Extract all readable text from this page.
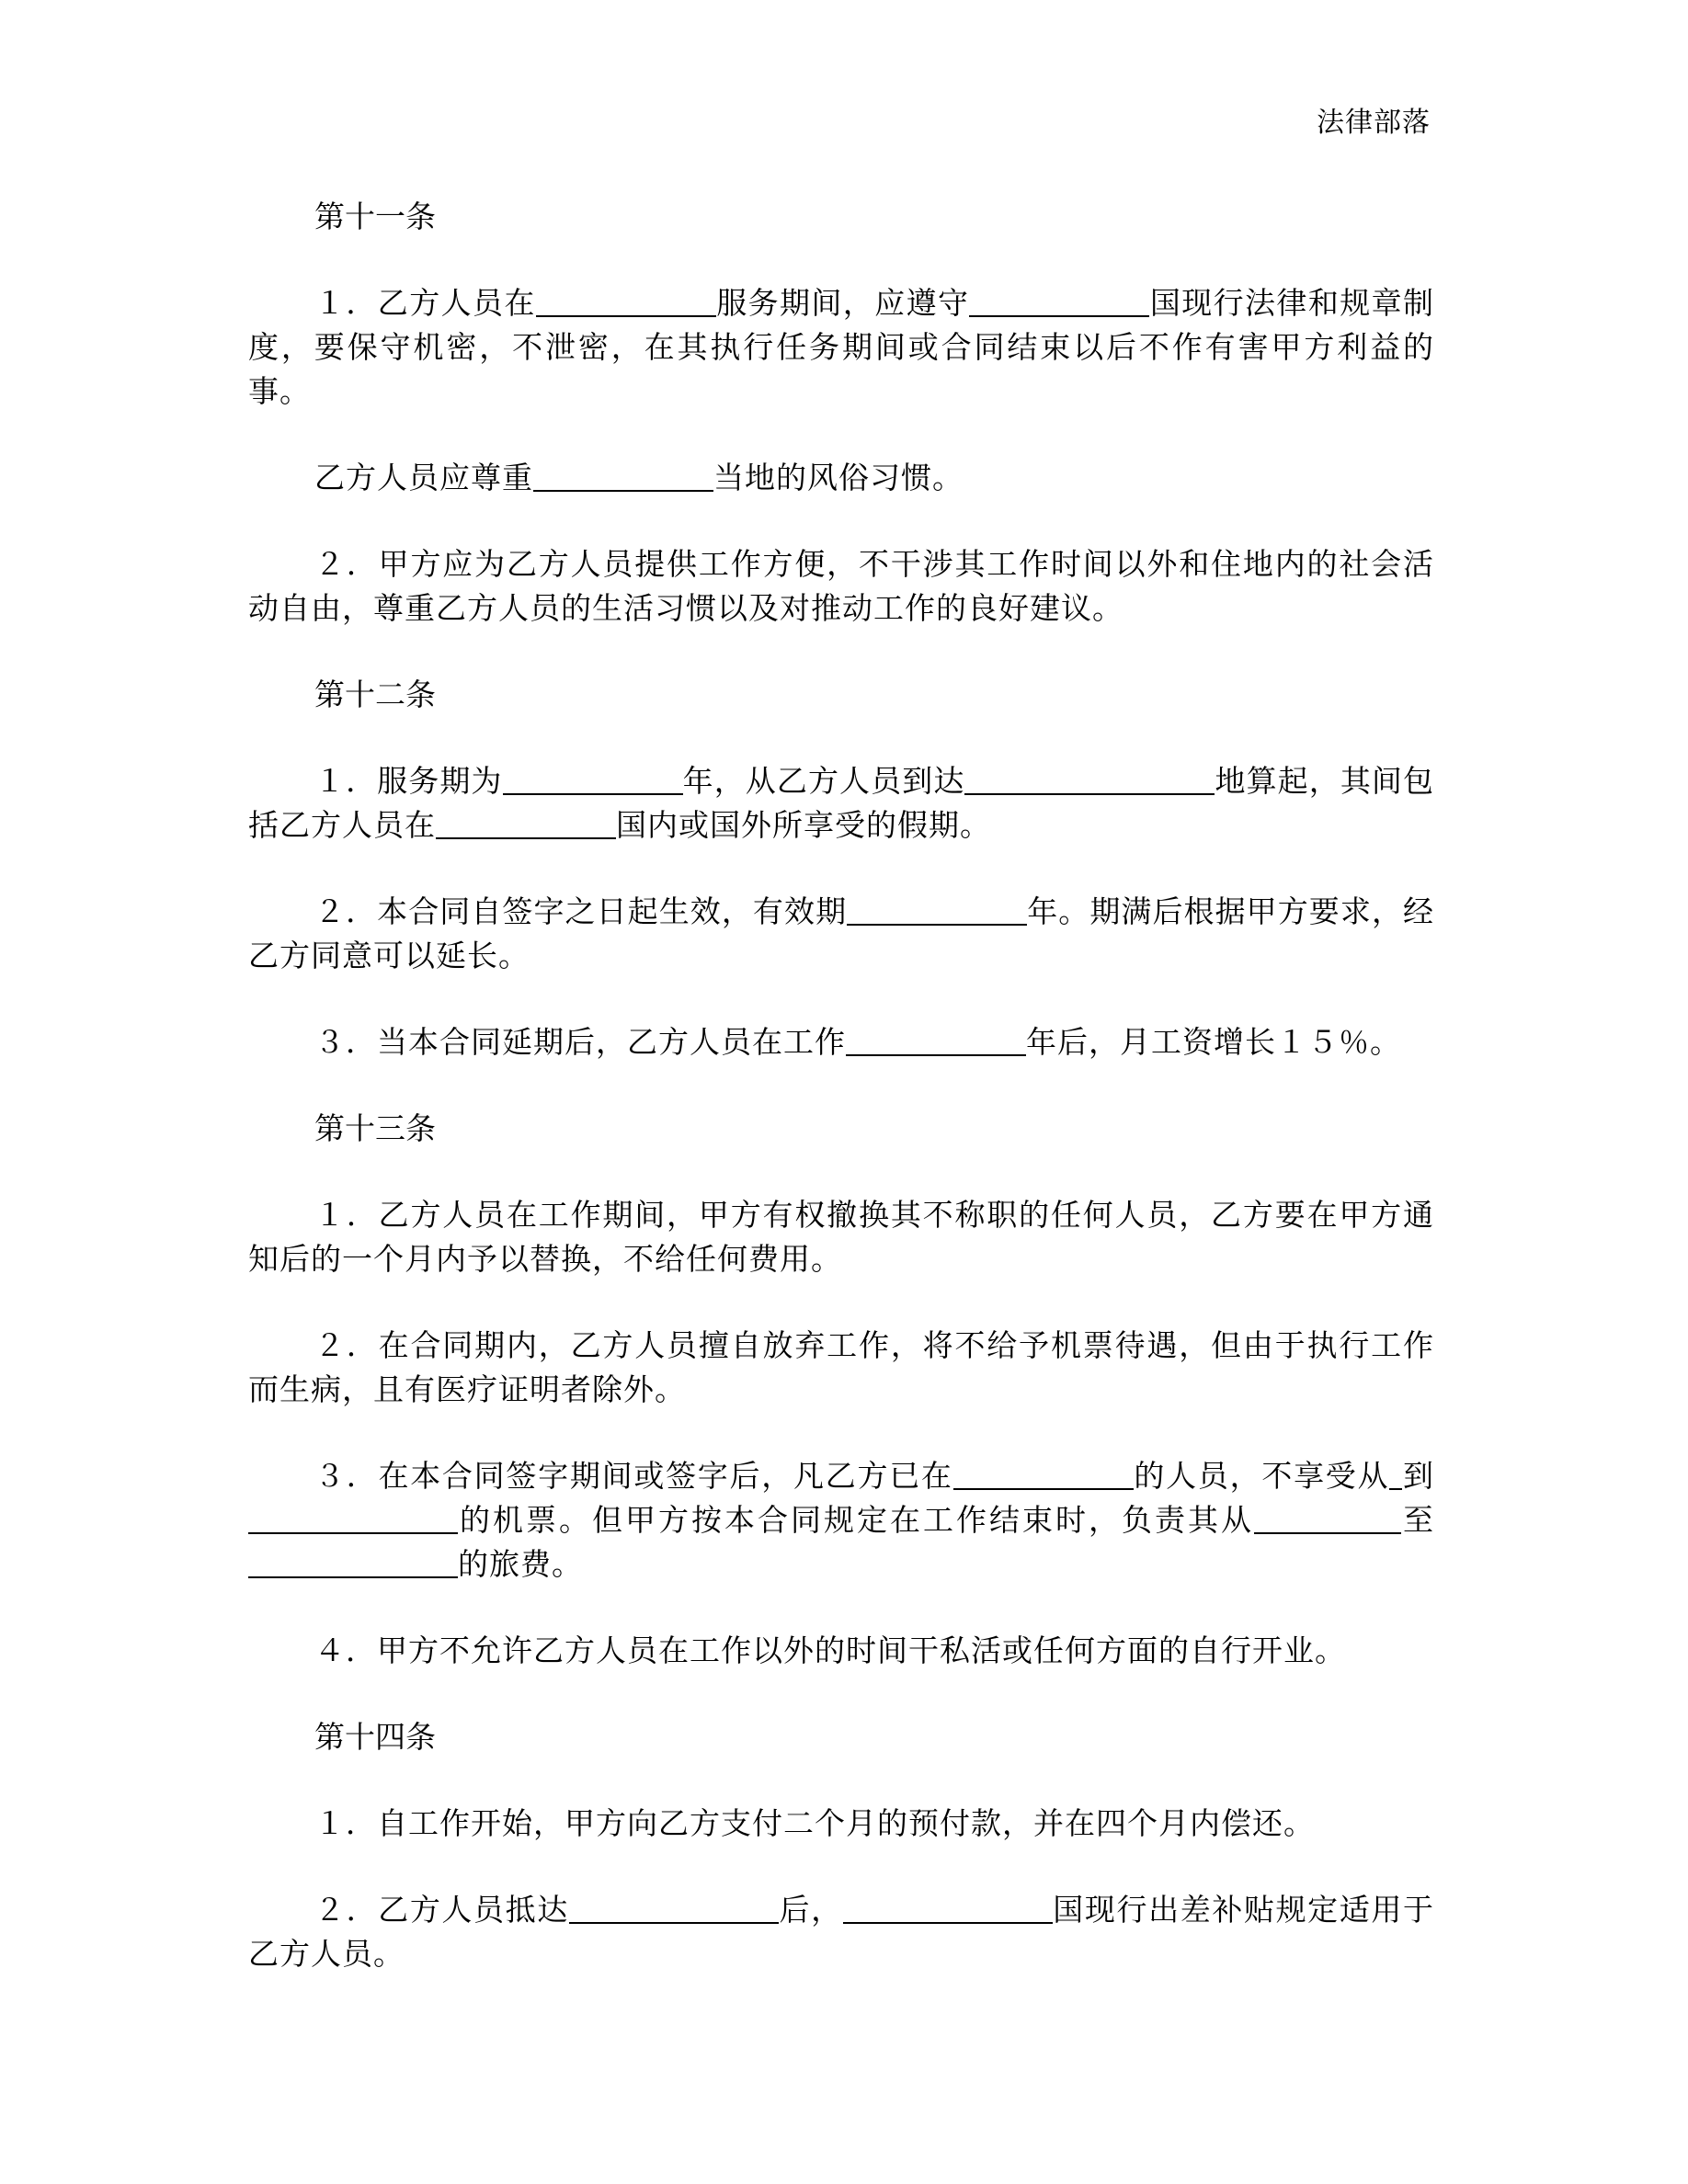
法律部落
第十一条

１．乙方人员在	服务期间，应遵守	国现行法律和规章制度，要保守机密，不泄密，在其执行任务期间或合同结束以后不作有害甲方利益的事。

乙方人员应尊重	当地的风俗习惯。

２．甲方应为乙方人员提供工作方便，不干涉其工作时间以外和住地内的社会活动自由，尊重乙方人员的生活习惯以及对推动工作的良好建议。

第十二条

１．服务期为	年，从乙方人员到达	地算起，其间包括乙方人员在	国内或国外所享受的假期。

２．本合同自签字之日起生效，有效期	年。期满后根据甲方要求，经乙方同意可以延长。

３．当本合同延期后，乙方人员在工作	年后，月工资增长１５％。

第十三条

１．乙方人员在工作期间，甲方有权撤换其不称职的任何人员，乙方要在甲方通知后的一个月内予以替换，不给任何费用。

２．在合同期内，乙方人员擅自放弃工作，将不给予机票待遇，但由于执行工作而生病，且有医疗证明者除外。

３．在本合同签字期间或签字后，凡乙方已在	的人员，不享受从 到的机票。但甲方按本合同规定在工作结束时，负责其从	至的旅费。

４．甲方不允许乙方人员在工作以外的时间干私活或任何方面的自行开业。

第十四条

１．自工作开始，甲方向乙方支付二个月的预付款，并在四个月内偿还。

２．乙方人员抵达	后，	国现行出差补贴规定适用于乙方人员。
